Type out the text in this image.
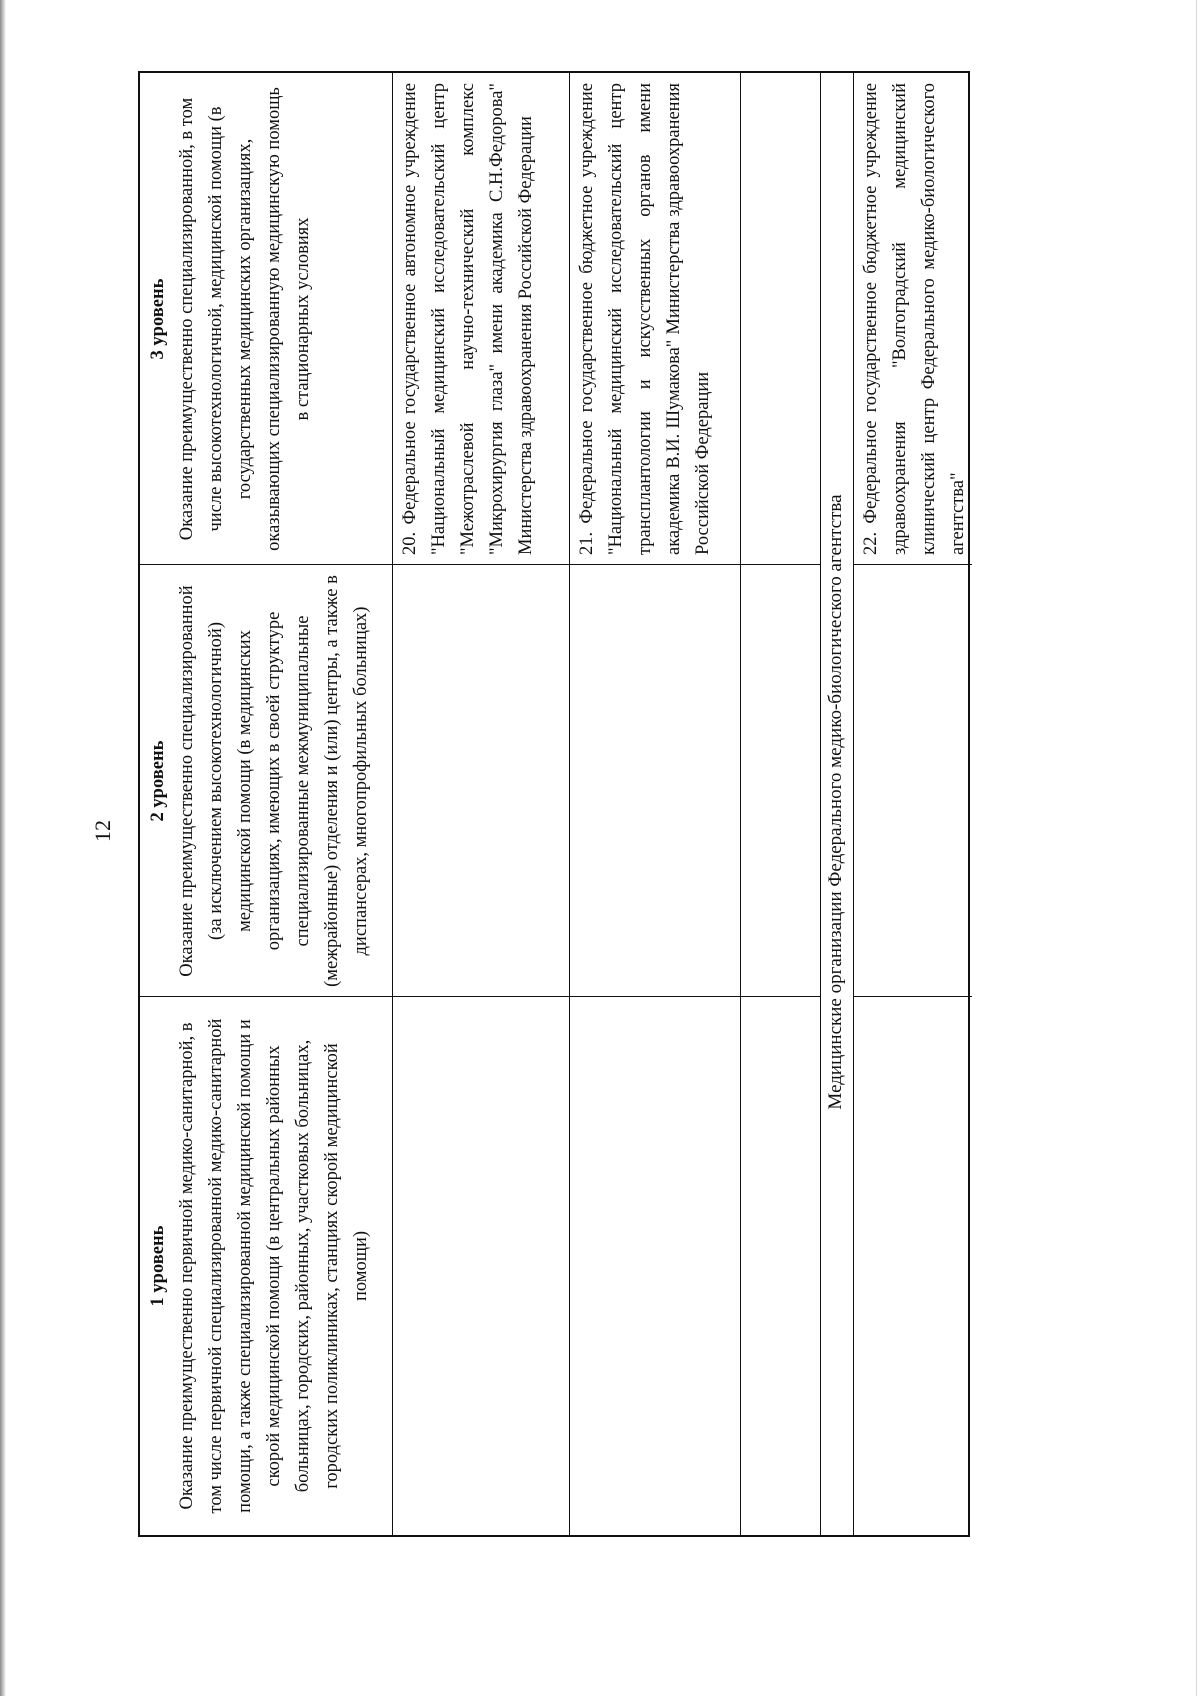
12
1 уровень Оказание преимущественно первичной медико-санитарной, в том числе первичной специализированной медико-санитарной помощи, а также специализированной медицинской помощи и скорой медицинской помощи (в центральных районных больницах, городских, районных, участковых больницах, городских поликлиниках, станциях скорой медицинской помощи)
2 уровень Оказание преимущественно специализированной (за исключением высокотехнологичной) медицинской помощи (в медицинских организациях, имеющих в своей структуре специализированные межмуниципальные (межрайонные) отделения и (или) центры, а также в диспансерах, многопрофильных больницах)
3 уровень Оказание преимущественно специализированной, в том числе высокотехнологичной, медицинской помощи (в государственных медицинских организациях, оказывающих специализированную медицинскую помощь в стационарных условиях	20. Федеральное государственное автономное учреждение "Национальный медицинский исследовательский центр "Межотраслевой научно-технический комплекс "Микрохирургия глаза" имени академика С.Н.Федорова" Министерства здравоохранения Российской Федерации	21. Федеральное государственное бюджетное учреждение "Национальный медицинский исследовательский центр трансплантологии и искусственных органов имени академика В.И. Шумакова" Министерства здравоохранения Российской Федерации
Медицинские организации Федерального медико-биологического агентства
22. Федеральное государственное бюджетное учреждение здравоохранения "Волгоградский медицинский клинический центр Федерального медико-биологического агентства"
